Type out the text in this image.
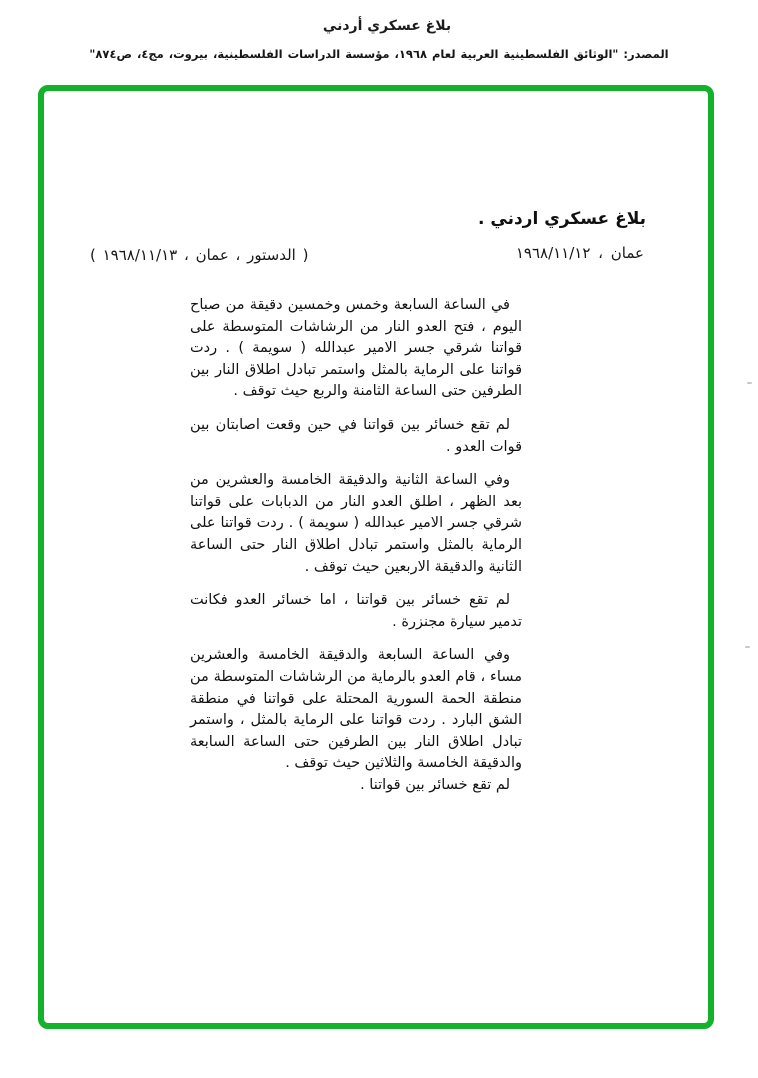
بلاغ عسكري أردني
المصدر: "الوثائق الفلسطينية العربية لعام ١٩٦٨، مؤسسة الدراسات الفلسطينية، بيروت، مج٤، ص٨٧٤"
بلاغ عسكري اردني .
عمان ، ١٩٦٨/١١/١٢
( الدستور ، عمان ، ١٩٦٨/١١/١٣ )
في الساعة السابعة وخمس وخمسين دقيقة من صباح اليوم ، فتح العدو النار من الرشاشات المتوسطة على قواتنا شرقي جسر الامير عبدالله ( سويمة ) . ردت قواتنا على الرماية بالمثل واستمر تبادل اطلاق النار بين الطرفين حتى الساعة الثامنة والربع حيث توقف .
لم تقع خسائر بين قواتنا في حين وقعت اصابتان بين قوات العدو .
وفي الساعة الثانية والدقيقة الخامسة والعشرين من بعد الظهر ، اطلق العدو النار من الدبابات على قواتنا شرقي جسر الامير عبدالله ( سويمة ) . ردت قواتنا على الرماية بالمثل واستمر تبادل اطلاق النار حتى الساعة الثانية والدقيقة الاربعين حيث توقف .
لم تقع خسائر بين قواتنا ، اما خسائر العدو فكانت تدمير سيارة مجنزرة .
وفي الساعة السابعة والدقيقة الخامسة والعشرين مساء ، قام العدو بالرماية من الرشاشات المتوسطة من منطقة الحمة السورية المحتلة على قواتنا في منطقة الشق البارد . ردت قواتنا على الرماية بالمثل ، واستمر تبادل اطلاق النار بين الطرفين حتى الساعة السابعة والدقيقة الخامسة والثلاثين حيث توقف .
لم تقع خسائر بين قواتنا .
